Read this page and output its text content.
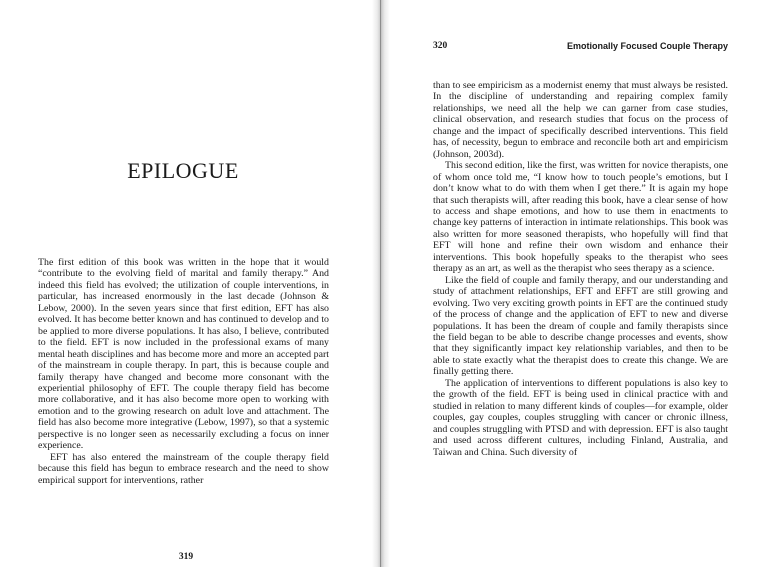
EPILOGUE

The first edition of this book was written in the hope that it would “contribute to the evolving field of marital and family therapy.” And indeed this field has evolved; the utilization of couple interventions, in particular, has increased enormously in the last decade (Johnson & Lebow, 2000). In the seven years since that first edition, EFT has also evolved. It has become better known and has continued to develop and to be applied to more diverse populations. It has also, I believe, contributed to the field. EFT is now included in the professional exams of many mental heath disciplines and has become more and more an accepted part of the mainstream in couple therapy. In part, this is because couple and family therapy have changed and become more consonant with the experiential philosophy of EFT. The couple therapy field has become more collaborative, and it has also become more open to working with emotion and to the growing research on adult love and attachment. The field has also become more integrative (Lebow, 1997), so that a systemic perspective is no longer seen as necessarily excluding a focus on inner experience.

EFT has also entered the mainstream of the couple therapy field because this field has begun to embrace research and the need to show empirical support for interventions, rather

319
320	Emotionally Focused Couple Therapy

than to see empiricism as a modernist enemy that must always be resisted. In the discipline of understanding and repairing complex family relationships, we need all the help we can garner from case studies, clinical observation, and research studies that focus on the process of change and the impact of specifically described interventions. This field has, of necessity, begun to embrace and reconcile both art and empiricism (Johnson, 2003d).

This second edition, like the first, was written for novice therapists, one of whom once told me, “I know how to touch people’s emotions, but I don’t know what to do with them when I get there.” It is again my hope that such therapists will, after reading this book, have a clear sense of how to access and shape emotions, and how to use them in enactments to change key patterns of interaction in intimate relationships. This book was also written for more seasoned therapists, who hopefully will find that EFT will hone and refine their own wisdom and enhance their interventions. This book hopefully speaks to the therapist who sees therapy as an art, as well as the therapist who sees therapy as a science.

Like the field of couple and family therapy, and our understanding and study of attachment relationships, EFT and EFFT are still growing and evolving. Two very exciting growth points in EFT are the continued study of the process of change and the application of EFT to new and diverse populations. It has been the dream of couple and family therapists since the field began to be able to describe change processes and events, show that they significantly impact key relationship variables, and then to be able to state exactly what the therapist does to create this change. We are finally getting there.

The application of interventions to different populations is also key to the growth of the field. EFT is being used in clinical practice with and studied in relation to many different kinds of couples—for example, older couples, gay couples, couples struggling with cancer or chronic illness, and couples struggling with PTSD and with depression. EFT is also taught and used across different cultures, including Finland, Australia, and Taiwan and China. Such diversity of
